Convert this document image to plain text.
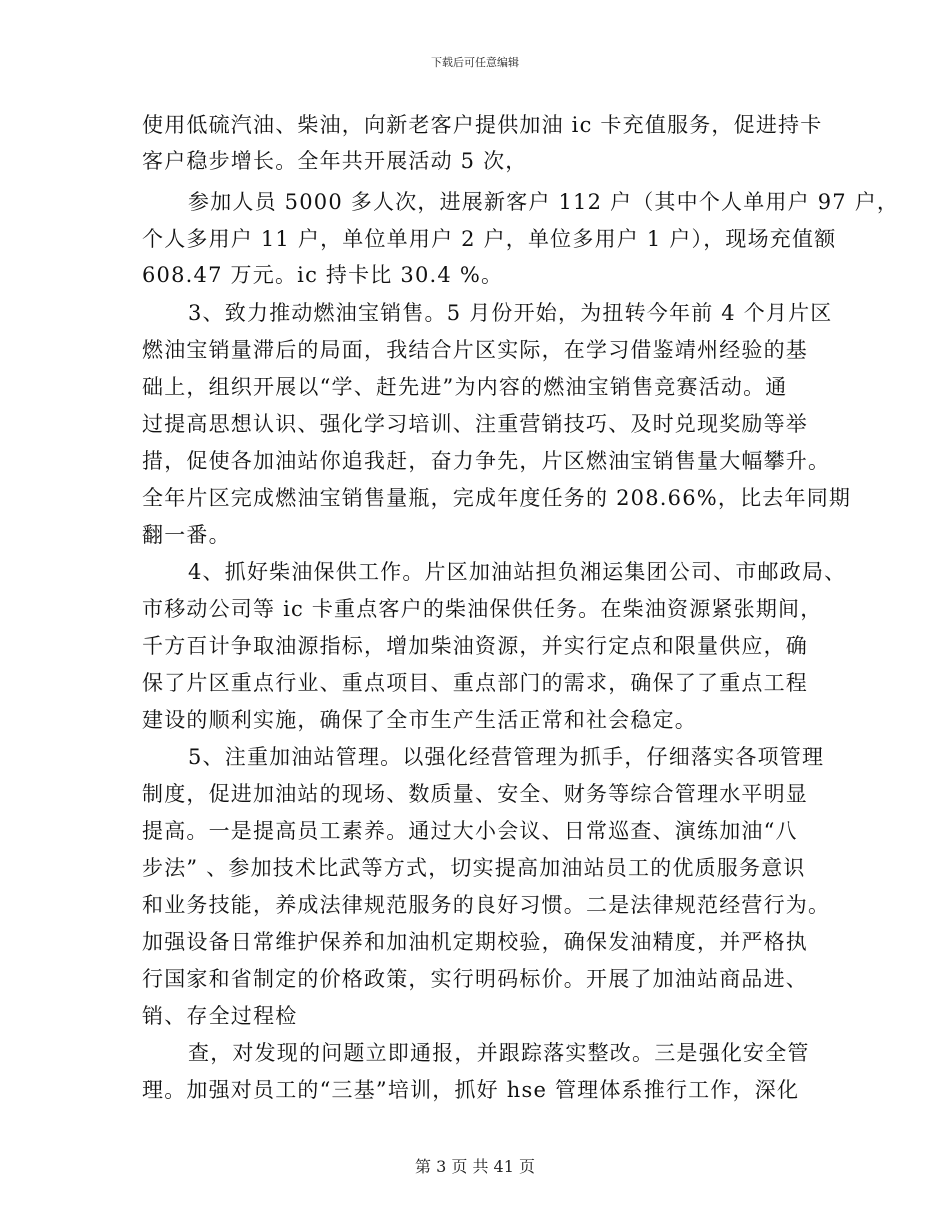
下载后可任意编辑
使用低硫汽油、柴油，向新老客户提供加油 ic 卡充值服务，促进持卡
客户稳步增长。全年共开展活动 5 次，
参加人员 5000 多人次，进展新客户 112 户（其中个人单用户 97 户，
个人多用户 11 户，单位单用户 2 户，单位多用户 1 户），现场充值额
608.47 万元。ic 持卡比 30.4 %。
3、致力推动燃油宝销售。5 月份开始，为扭转今年前 4 个月片区
燃油宝销量滞后的局面，我结合片区实际，在学习借鉴靖州经验的基
础上，组织开展以“学、赶先进”为内容的燃油宝销售竞赛活动。通
过提高思想认识、强化学习培训、注重营销技巧、及时兑现奖励等举
措，促使各加油站你追我赶，奋力争先，片区燃油宝销售量大幅攀升。
全年片区完成燃油宝销售量瓶，完成年度任务的 208.66%，比去年同期
翻一番。
4、抓好柴油保供工作。片区加油站担负湘运集团公司、市邮政局、
市移动公司等 ic 卡重点客户的柴油保供任务。在柴油资源紧张期间，
千方百计争取油源指标，增加柴油资源，并实行定点和限量供应，确
保了片区重点行业、重点项目、重点部门的需求，确保了了重点工程
建设的顺利实施，确保了全市生产生活正常和社会稳定。
5、注重加油站管理。以强化经营管理为抓手，仔细落实各项管理
制度，促进加油站的现场、数质量、安全、财务等综合管理水平明显
提高。一是提高员工素养。通过大小会议、日常巡查、演练加油“八
步法” 、参加技术比武等方式，切实提高加油站员工的优质服务意识
和业务技能，养成法律规范服务的良好习惯。二是法律规范经营行为。
加强设备日常维护保养和加油机定期校验，确保发油精度，并严格执
行国家和省制定的价格政策，实行明码标价。开展了加油站商品进、
销、存全过程检
查，对发现的问题立即通报，并跟踪落实整改。三是强化安全管
理。加强对员工的“三基”培训，抓好 hse 管理体系推行工作，深化
第 3 页 共 41 页
